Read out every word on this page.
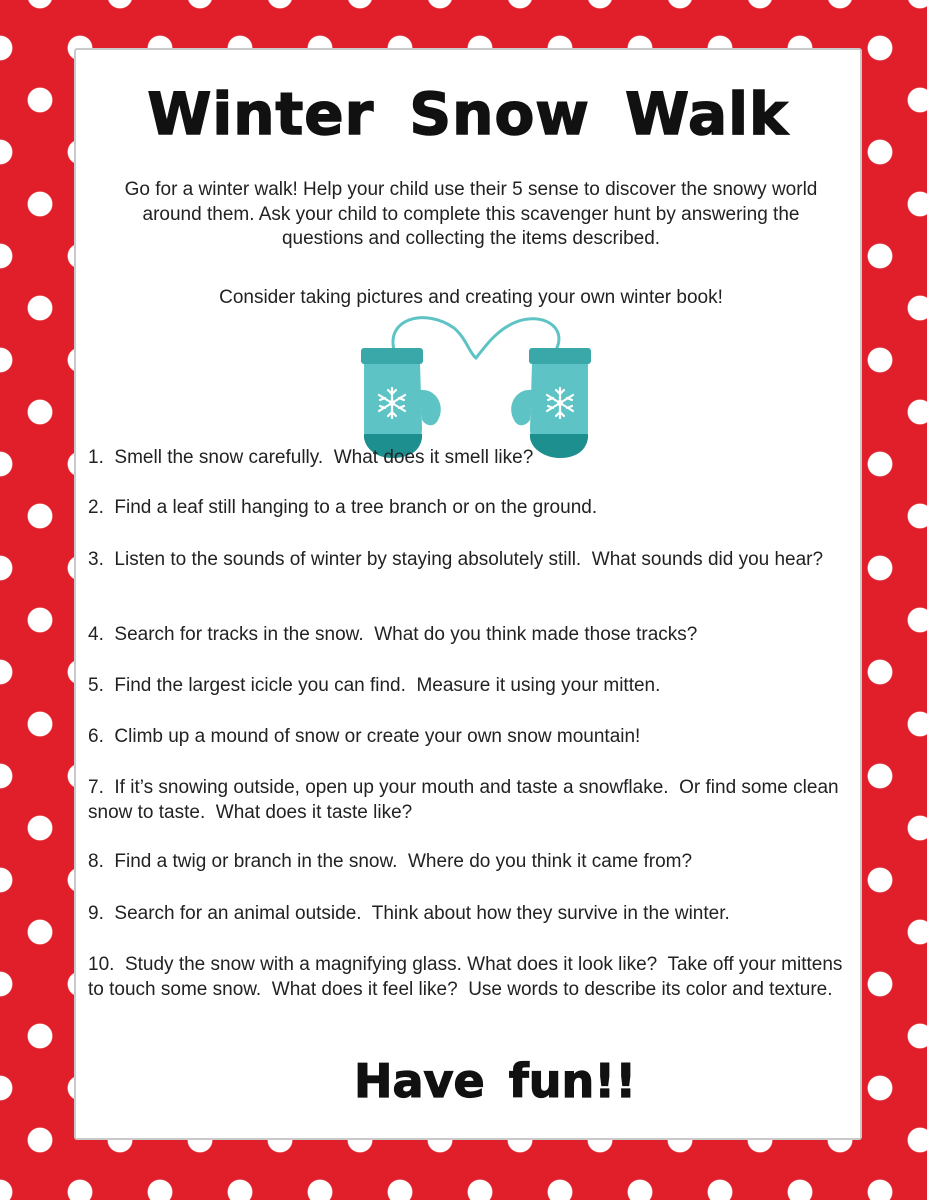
Winter Snow Walk

Go for a winter walk! Help your child use their 5 sense to discover the snowy world around them. Ask your child to complete this scavenger hunt by answering the questions and collecting the items described.

Consider taking pictures and creating your own winter book!

1.  Smell the snow carefully.  What does it smell like?
2.  Find a leaf still hanging to a tree branch or on the ground.
3.  Listen to the sounds of winter by staying absolutely still.  What sounds did you hear?
4.  Search for tracks in the snow.  What do you think made those tracks?
5.  Find the largest icicle you can find.  Measure it using your mitten.
6.  Climb up a mound of snow or create your own snow mountain!
7.  If it’s snowing outside, open up your mouth and taste a snowflake.  Or find some clean snow to taste.  What does it taste like?
8.  Find a twig or branch in the snow.  Where do you think it came from?
9.  Search for an animal outside.  Think about how they survive in the winter.
10.  Study the snow with a magnifying glass. What does it look like?  Take off your mittens to touch some snow.  What does it feel like?  Use words to describe its color and texture.

Have fun!!
